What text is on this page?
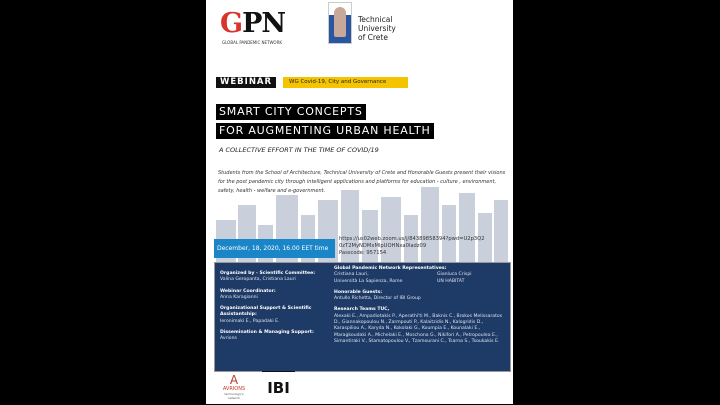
GPN
GLOBAL PANDEMIC NETWORK
Technical
University
of Crete
WEBINAR	WG Covid-19, City and Governance
SMART CITY CONCEPTS
FOR AUGMENTING URBAN HEALTH
A COLLECTIVE EFFORT IN THE TIME OF COVID/19
Students from the School of Architecture, Technical University of Crete and Honorable Guests present their visions for the post pandemic city through intelligent applications and platforms for education - culture , environment, safety, health - welfare and e-government.
December, 18, 2020, 16.00 EET time
https://us02web.zoom.us/j/84389858394?pwd=U2p3Q2
0zT2MyNDMxMlpUOHNxa0ladz09
Passcode: 957154
Organized by - Scientific Committee:
Valina Geropanta, Cristiana Lauri
Webinar Coordinator:
Anna Karagianni
Organizational Support & Scientific Assistantship:
Ieronimaki E., Papadaki E.
Dissemination & Managing Support:
Avrions
Global Pandemic Network Representatives:
Cristiana Lauri,	Gianluca Crispi
Università La Sapienza, Rome	UN HABITAT
Honorable Guests:
Antullo Richetta, Director of IBI Group
Research Teams TUC,
Alexaki E., Ampadiotakis P., Aperathi'ti M., Baknis C., Brokos Melissaratos D., Giannakopoulou N., Zarmpouti P., Kalaitzidis N., Kalogridis D., Karaspiliou A., Karyda N., Kokolaki G., Koumpia E., Kounalaki E., Maragkoudaki A., Michelaki E., Moschona G., Nikifori A., Petropoulea E., Simantiraki V., Stamatopoulou V., Tzamourani C., Tsarna S., Tsoukakis E.
A
AVRIONS
technology's network
IBI
